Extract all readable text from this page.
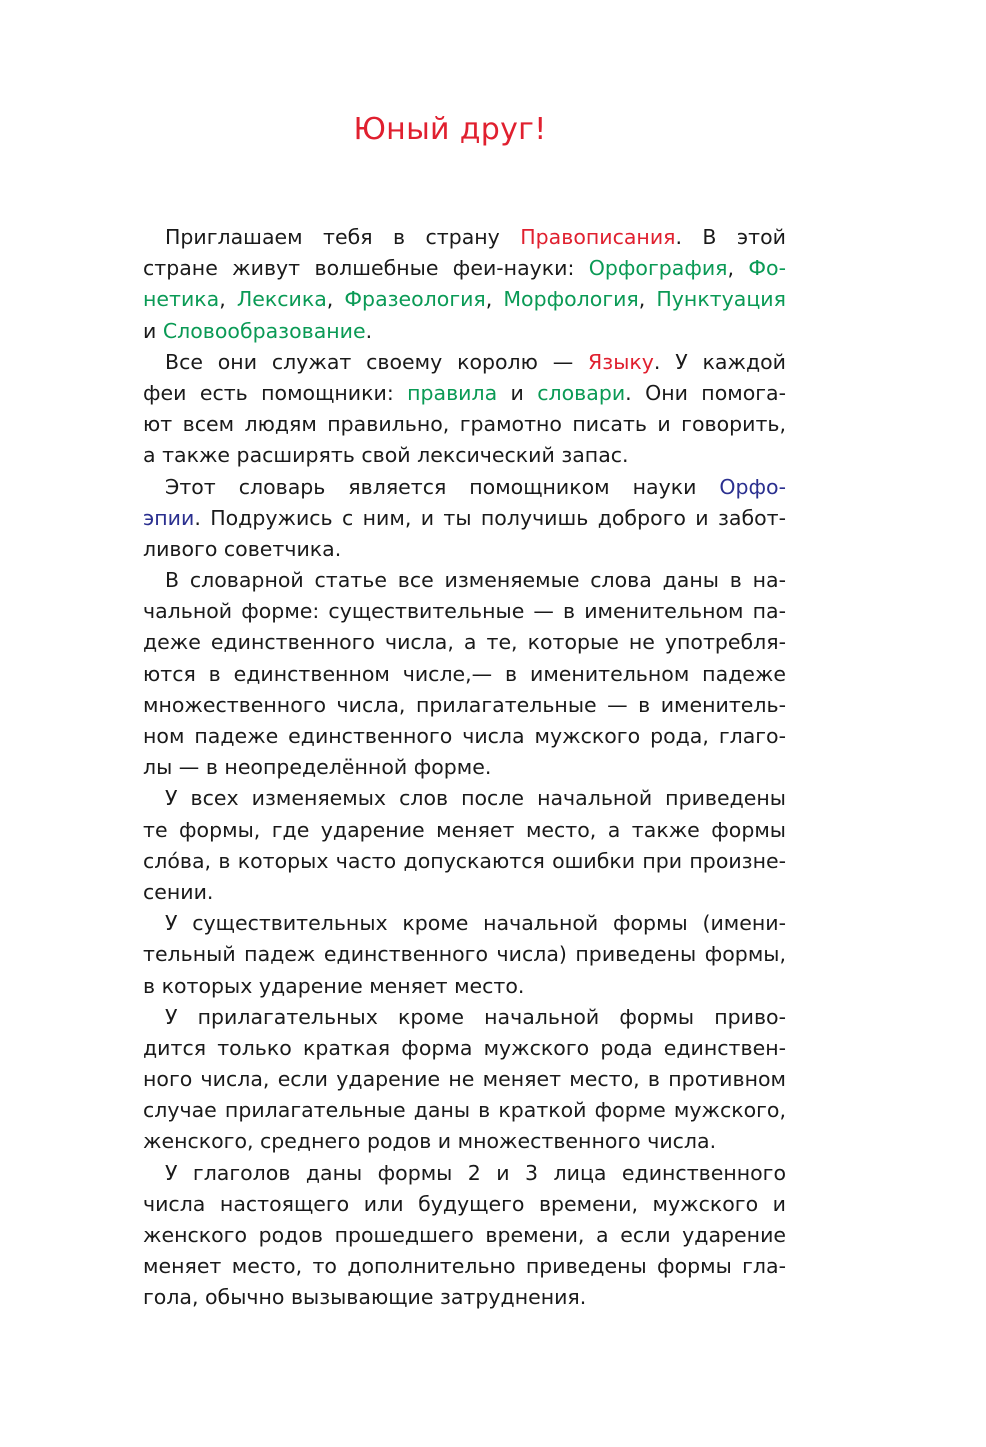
Юный друг!
Приглашаем тебя в страну Правописания. В этой
стране живут волшебные феи-науки: Орфография, Фо-
нетика, Лексика, Фразеология, Морфология, Пунктуация
и Словообразование.
Все они служат своему королю — Языку. У каждой
феи есть помощники: правила и словари. Они помога-
ют всем людям правильно, грамотно писать и говорить,
а также расширять свой лексический запас.
Этот словарь является помощником науки Орфо-
эпии. Подружись с ним, и ты получишь доброго и забот-
ливого советчика.
В словарной статье все изменяемые слова даны в на-
чальной форме: существительные — в именительном па-
деже единственного числа, а те, которые не употребля-
ются в единственном числе,— в именительном падеже
множественного числа, прилагательные — в именитель-
ном падеже единственного числа мужского рода, глаго-
лы — в неопределённой форме.
У всех изменяемых слов после начальной приведены
те формы, где ударение меняет место, а также формы
сло́ва, в которых часто допускаются ошибки при произне-
сении.
У существительных кроме начальной формы (имени-
тельный падеж единственного числа) приведены формы,
в которых ударение меняет место.
У прилагательных кроме начальной формы приво-
дится только краткая форма мужского рода единствен-
ного числа, если ударение не меняет место, в противном
случае прилагательные даны в краткой форме мужского,
женского, среднего родов и множественного числа.
У глаголов даны формы 2 и 3 лица единственного
числа настоящего или будущего времени, мужского и
женского родов прошедшего времени, а если ударение
меняет место, то дополнительно приведены формы гла-
гола, обычно вызывающие затруднения.
